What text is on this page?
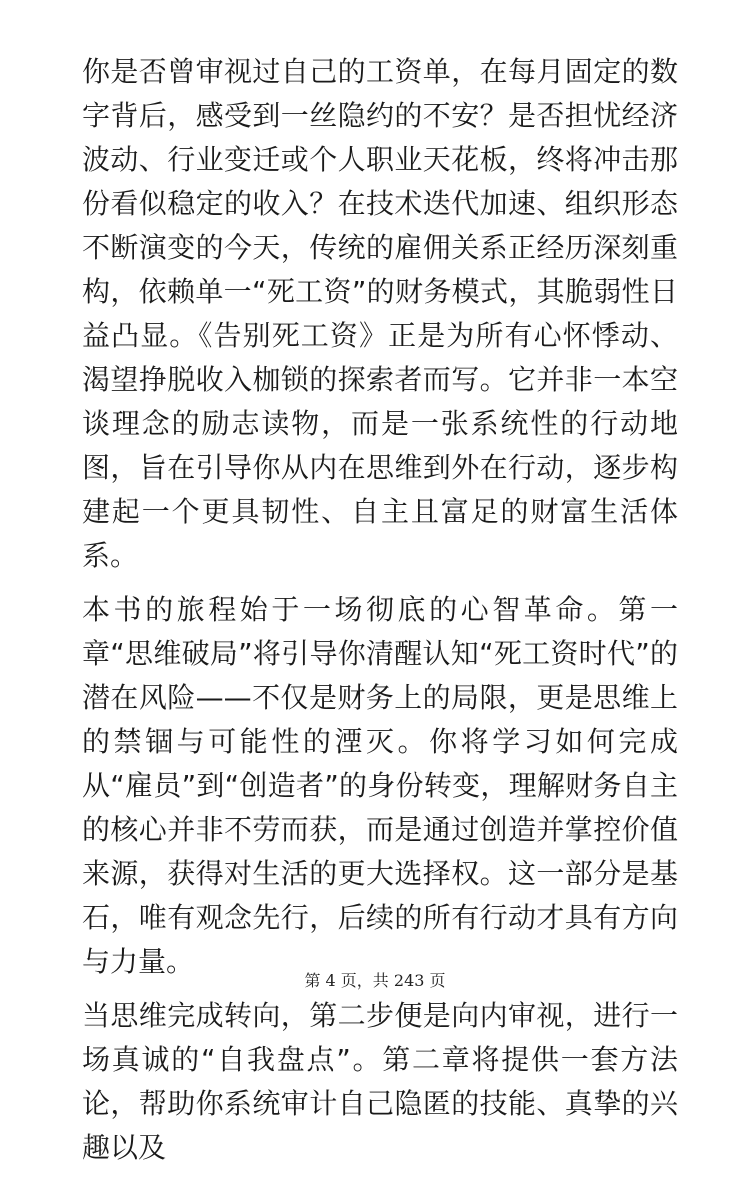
你是否曾审视过自己的工资单，在每月固定的数字背后，感受到一丝隐约的不安？是否担忧经济波动、行业变迁或个人职业天花板，终将冲击那份看似稳定的收入？在技术迭代加速、组织形态不断演变的今天，传统的雇佣关系正经历深刻重构，依赖单一“死工资”的财务模式，其脆弱性日益凸显。《告别死工资》正是为所有心怀悸动、渴望挣脱收入枷锁的探索者而写。它并非一本空谈理念的励志读物，而是一张系统性的行动地图，旨在引导你从内在思维到外在行动，逐步构建起一个更具韧性、自主且富足的财富生活体系。

本书的旅程始于一场彻底的心智革命。第一章“思维破局”将引导你清醒认知“死工资时代”的潜在风险——不仅是财务上的局限，更是思维上的禁锢与可能性的湮灭。你将学习如何完成从“雇员”到“创造者”的身份转变，理解财务自主的核心并非不劳而获，而是通过创造并掌控价值来源，获得对生活的更大选择权。这一部分是基石，唯有观念先行，后续的所有行动才具有方向与力量。

当思维完成转向，第二步便是向内审视，进行一场真诚的“自我盘点”。第二章将提供一套方法论，帮助你系统审计自己隐匿的技能、真挚的兴趣以及

第 4 页，共 243 页
